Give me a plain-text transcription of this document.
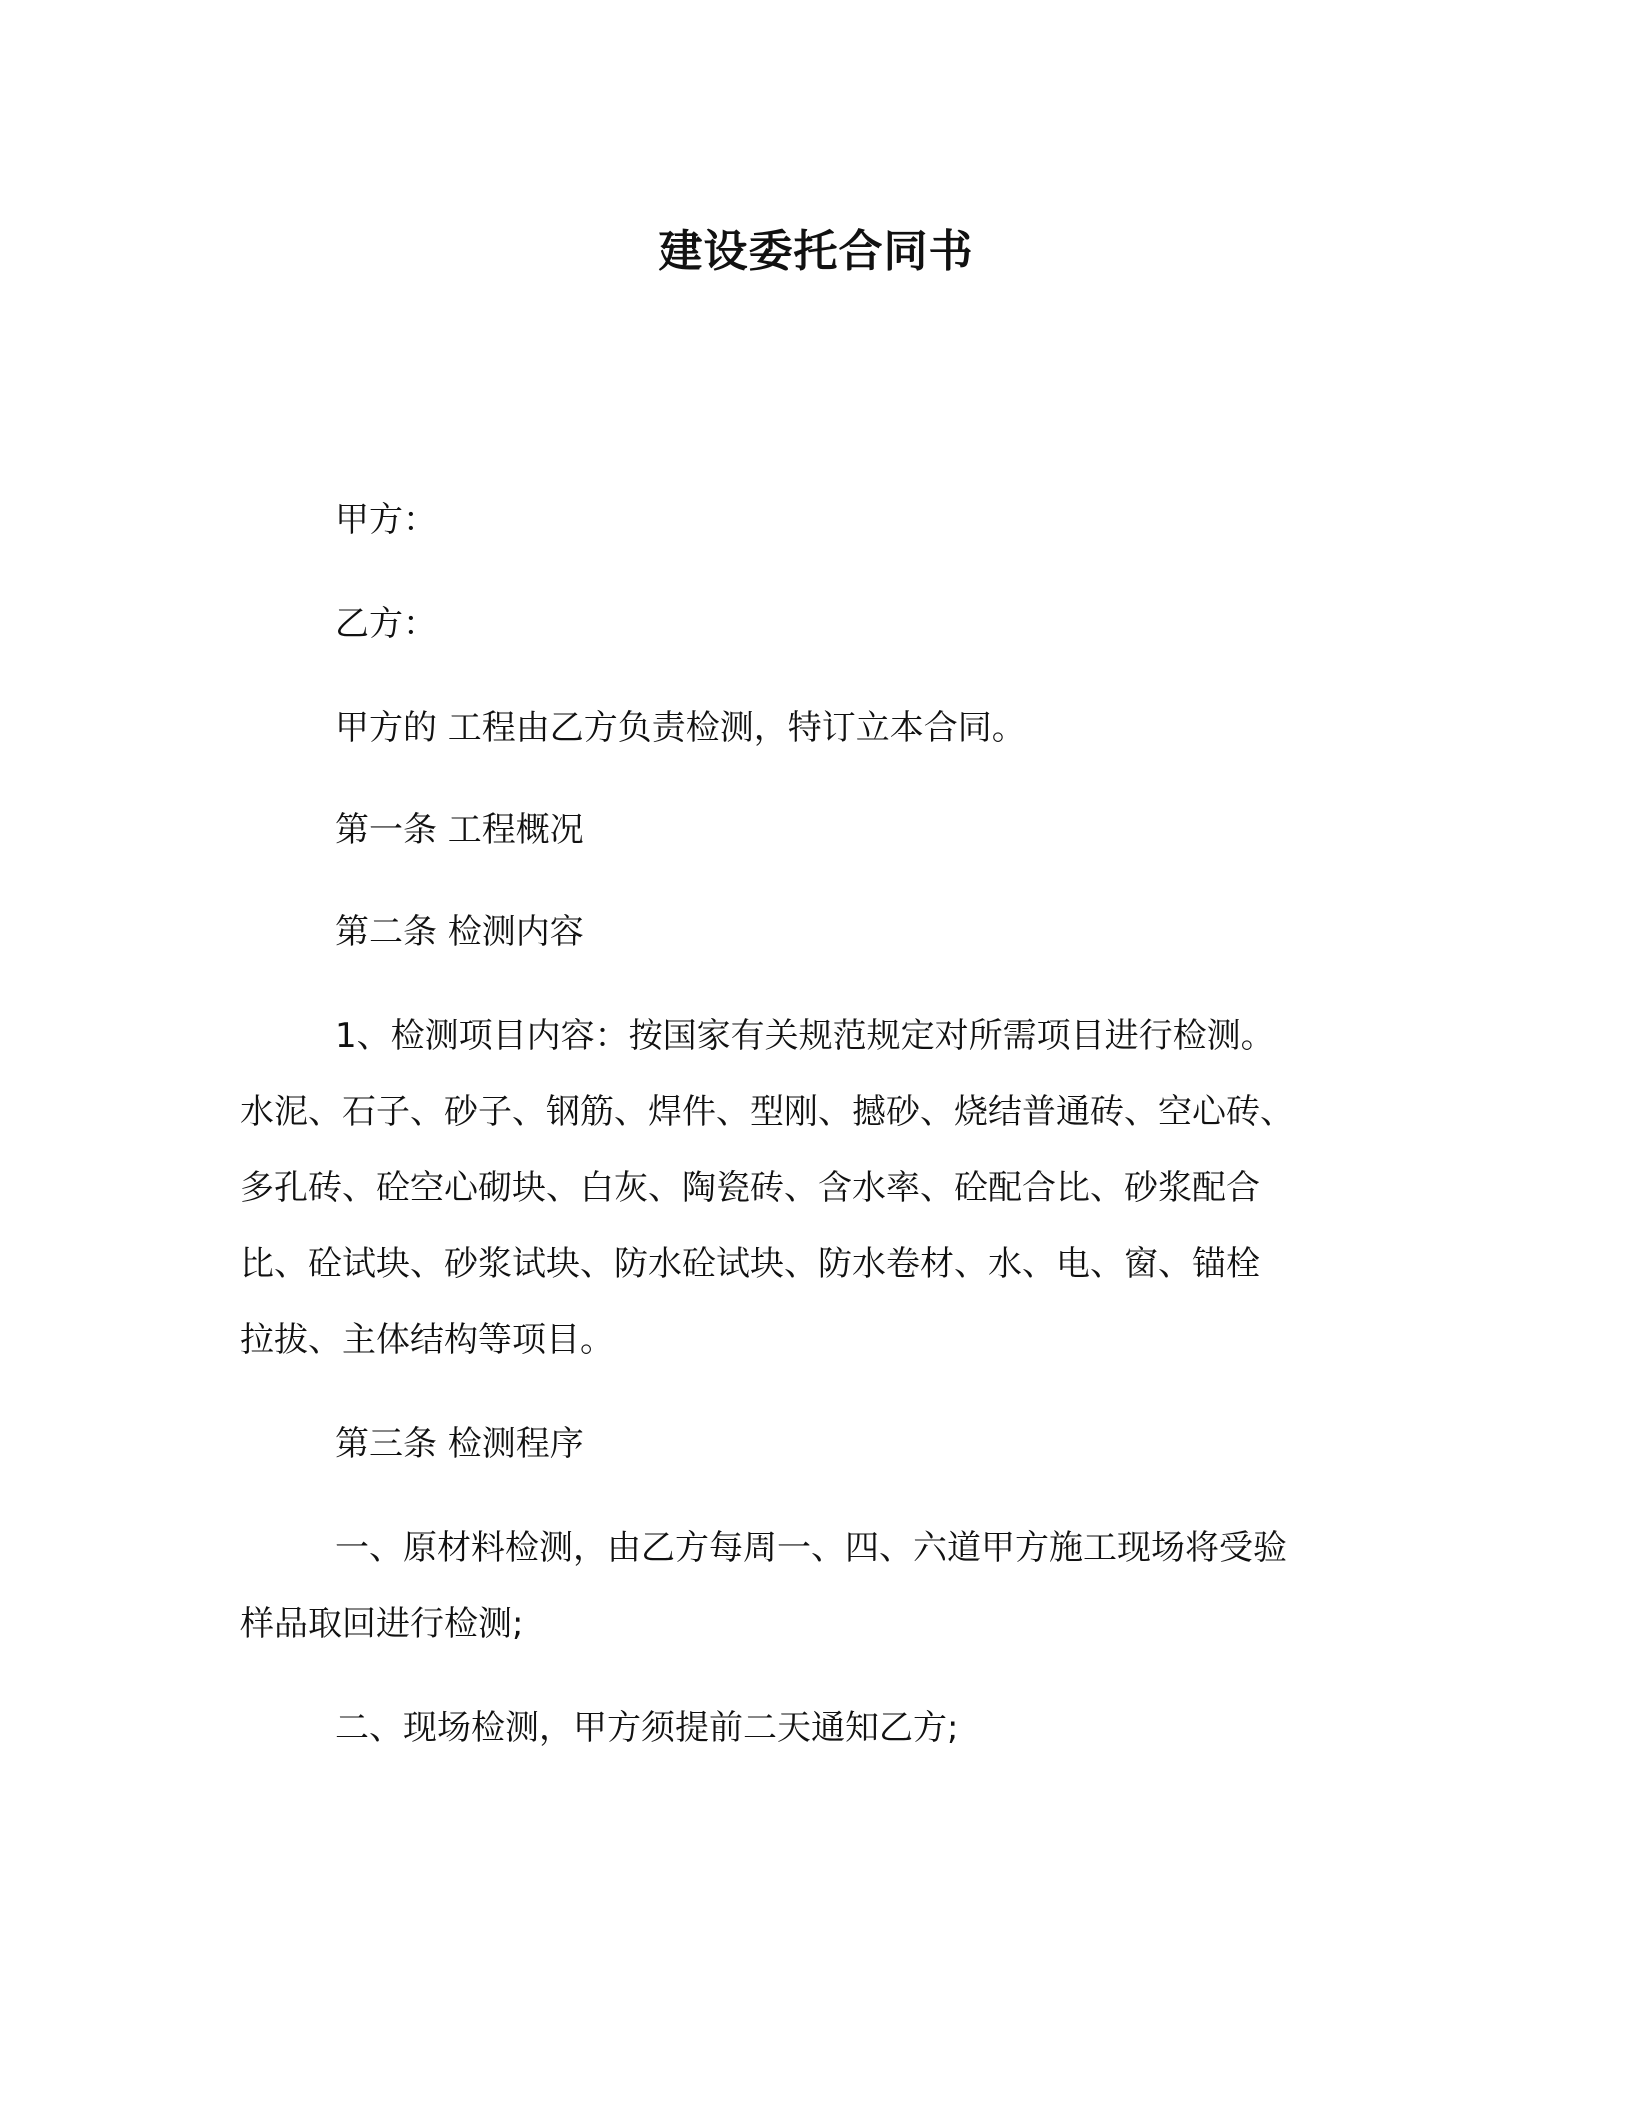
建设委托合同书
甲方：
乙方：
甲方的 工程由乙方负责检测，特订立本合同。
第一条 工程概况
第二条 检测内容
1、检测项目内容：按国家有关规范规定对所需项目进行检测。
水泥、石子、砂子、钢筋、焊件、型刚、撼砂、烧结普通砖、空心砖、
多孔砖、砼空心砌块、白灰、陶瓷砖、含水率、砼配合比、砂浆配合
比、砼试块、砂浆试块、防水砼试块、防水卷材、水、电、窗、锚栓
拉拔、主体结构等项目。
第三条 检测程序
一、原材料检测，由乙方每周一、四、六道甲方施工现场将受验
样品取回进行检测;
二、现场检测，甲方须提前二天通知乙方;
